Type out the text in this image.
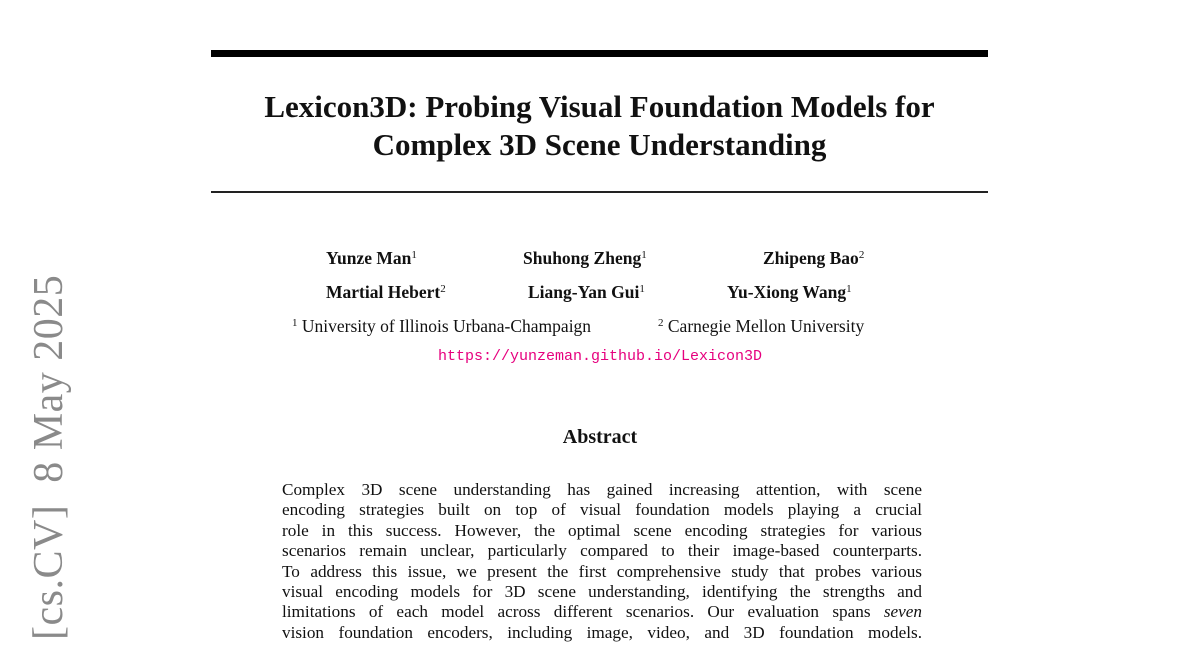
[cs.CV]  8 May 2025
Lexicon3D: Probing Visual Foundation Models for
Complex 3D Scene Understanding
Yunze Man$^1$	Shuhong Zheng$^1$	Zhipeng Bao$^2$
Martial Hebert$^2$	Liang-Yan Gui$^1$	Yu-Xiong Wang$^1$
$^1$ University of Illinois Urbana-Champaign	$^2$ Carnegie Mellon University
https://yunzeman.github.io/Lexicon3D
Abstract
Complex 3D scene understanding has gained increasing attention, with scene
encoding strategies built on top of visual foundation models playing a crucial
role in this success. However, the optimal scene encoding strategies for various
scenarios remain unclear, particularly compared to their image-based counterparts.
To address this issue, we present the first comprehensive study that probes various
visual encoding models for 3D scene understanding, identifying the strengths and
limitations of each model across different scenarios. Our evaluation spans seven
vision foundation encoders, including image, video, and 3D foundation models.
